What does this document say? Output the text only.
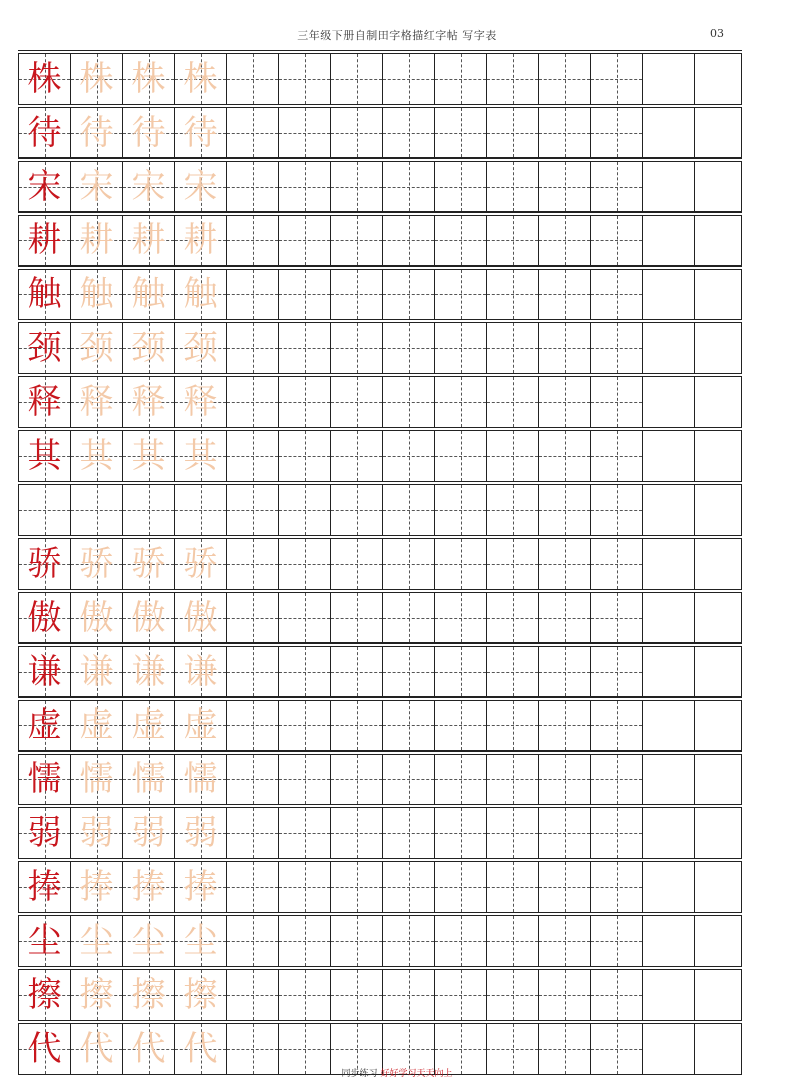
三年级下册自制田字格描红字帖 写字表	03
株 株 株 株
待 待 待 待
宋 宋 宋 宋
耕 耕 耕 耕
触 触 触 触
颈 颈 颈 颈
释 释 释 释
其 其 其 其
骄 骄 骄 骄
傲 傲 傲 傲
谦 谦 谦 谦
虚 虚 虚 虚
懦 懦 懦 懦
弱 弱 弱 弱
捧 捧 捧 捧
尘 尘 尘 尘
擦 擦 擦 擦
代 代 代 代
同步练习 好好学习天天向上
